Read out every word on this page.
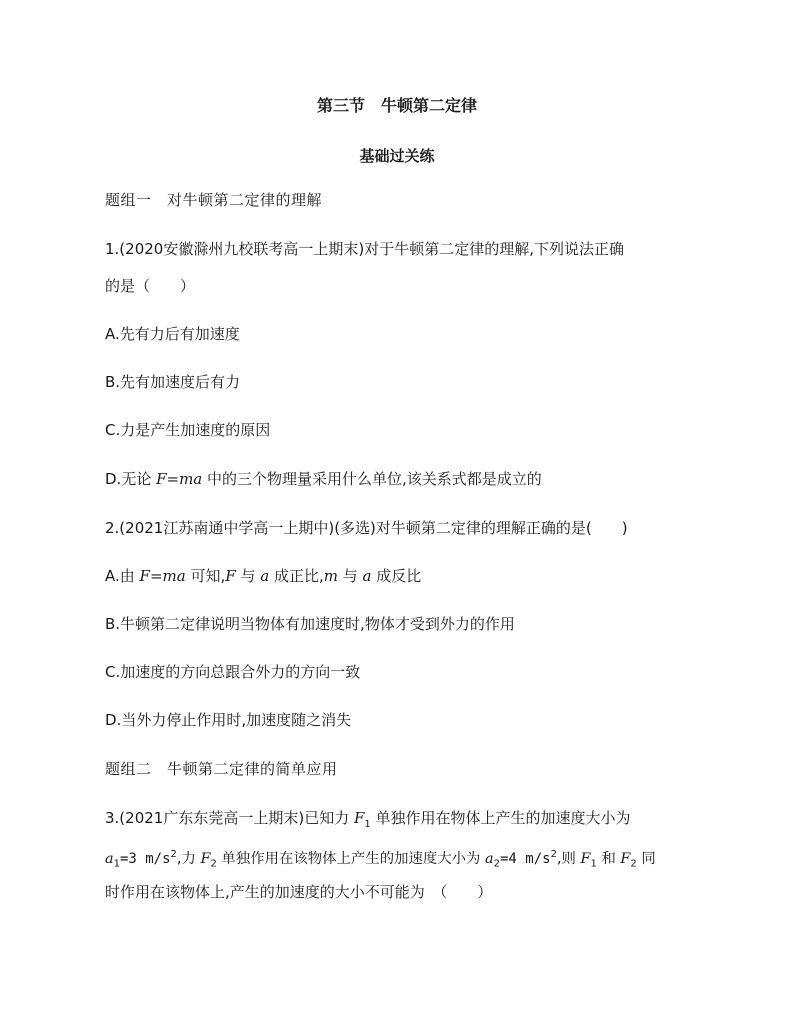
第三节　牛顿第二定律
基础过关练
题组一　对牛顿第二定律的理解
1.(2020安徽滁州九校联考高一上期末)对于牛顿第二定律的理解,下列说法正确
的是（　　）
A.先有力后有加速度
B.先有加速度后有力
C.力是产生加速度的原因
D.无论 F=ma 中的三个物理量采用什么单位,该关系式都是成立的
2.(2021江苏南通中学高一上期中)(多选)对牛顿第二定律的理解正确的是(　　)
A.由 F=ma 可知,F 与 a 成正比,m 与 a 成反比
B.牛顿第二定律说明当物体有加速度时,物体才受到外力的作用
C.加速度的方向总跟合外力的方向一致
D.当外力停止作用时,加速度随之消失
题组二　牛顿第二定律的简单应用
3.(2021广东东莞高一上期末)已知力 $F_1$ 单独作用在物体上产生的加速度大小为
$a_1=3$ $m/s^2$,力 $F_2$ 单独作用在该物体上产生的加速度大小为 $a_2=4$ $m/s^2$,则 $F_1$ 和 $F_2$ 同
时作用在该物体上,产生的加速度的大小不可能为　（　　）
